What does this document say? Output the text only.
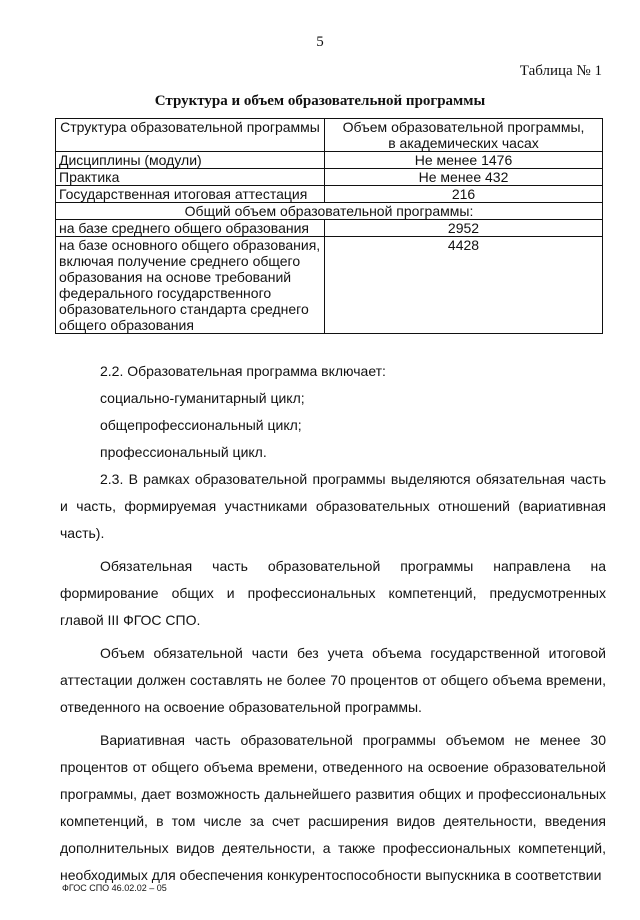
5
Таблица № 1
Структура и объем образовательной программы
Структура образовательной программы	Объем образовательной программы,
в академических часах

Дисциплины (модули)	Не менее 1476
Практика	Не менее 432
Государственная итоговая аттестация	216
Общий объем образовательной программы:	
на базе среднего общего образования	2952
на базе основного общего образования, включая получение среднего общего образования на основе требований федерального государственного образовательного стандарта среднего общего образования	4428

2.2. Образовательная программа включает:

социально-гуманитарный цикл;

общепрофессиональный цикл;

профессиональный цикл.

2.3. В рамках образовательной программы выделяются обязательная часть и часть, формируемая участниками образовательных отношений (вариативная часть).

Обязательная часть образовательной программы направлена на формирование общих и профессиональных компетенций, предусмотренных главой III ФГОС СПО.

Объем обязательной части без учета объема государственной итоговой аттестации должен составлять не более 70 процентов от общего объема времени, отведенного на освоение образовательной программы.

Вариативная часть образовательной программы объемом не менее 30 процентов от общего объема времени, отведенного на освоение образовательной программы, дает возможность дальнейшего развития общих и профессиональных компетенций, в том числе за счет расширения видов деятельности, введения дополнительных видов деятельности, а также профессиональных компетенций, необходимых для обеспечения конкурентоспособности выпускника в соответствии

ФГОС СПО 46.02.02 – 05
